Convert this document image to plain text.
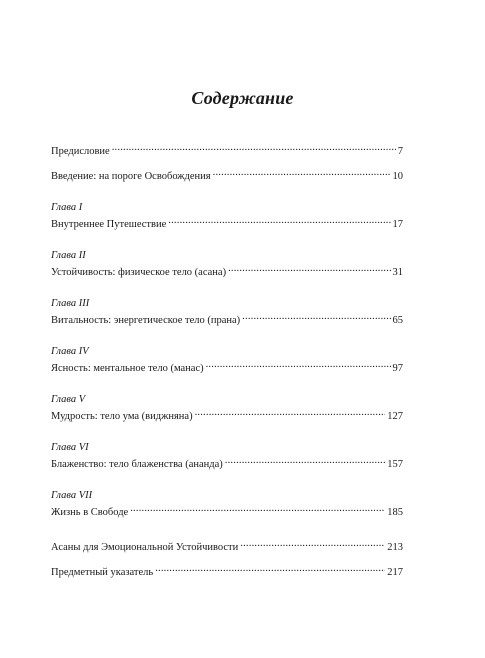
Содержание
Предисловие .....	7
Введение: на пороге Освобождения .....	10
Глава I
Внутреннее Путешествие .....	17
Глава II
Устойчивость: физическое тело (асана) .....	31
Глава III
Витальность: энергетическое тело (прана) .....	65
Глава IV
Ясность: ментальное тело (манас) .....	97
Глава V
Мудрость: тело ума (виджняна) .....	127
Глава VI
Блаженство: тело блаженства (ананда) .....	157
Глава VII
Жизнь в Свободе .....	185
Асаны для Эмоциональной Устойчивости .....	213
Предметный указатель .....	217
